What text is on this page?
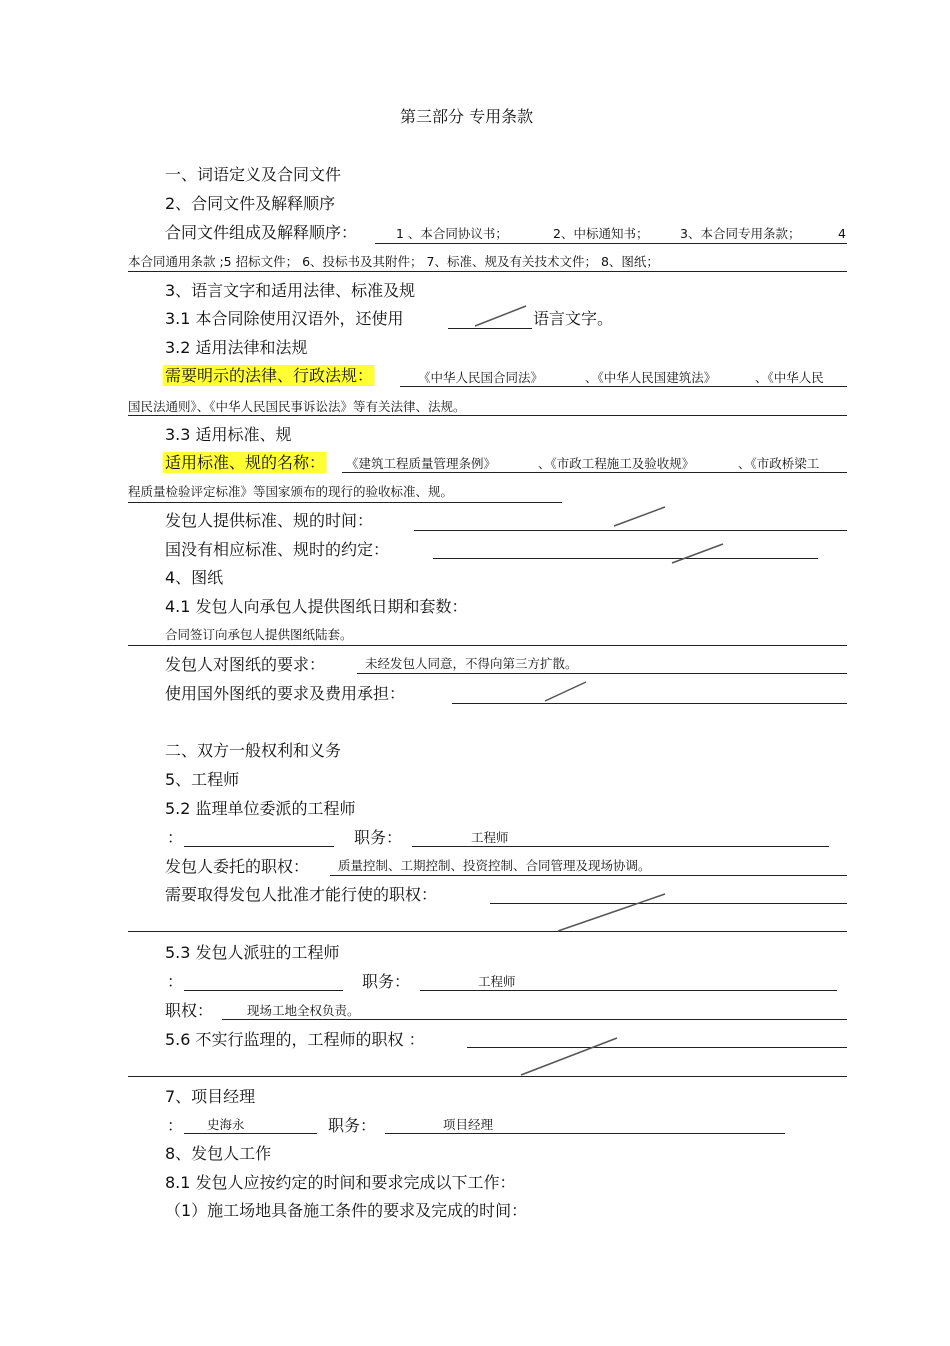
第三部分 专用条款
一、词语定义及合同文件
2、合同文件及解释顺序
合同文件组成及解释顺序：	1 、本合同协议书；	2、中标通知书；	3、本合同专用条款；	4
本合同通用条款 ;5 招标文件； 6、投标书及其附件； 7、标准、规及有关技术文件； 8、图纸；
3、语言文字和适用法律、标准及规
3.1 本合同除使用汉语外，还使用	语言文字。
3.2 适用法律和法规
需要明示的法律、行政法规：	《中华人民国合同法》	、《中华人民国建筑法》	、《中华人民
国民法通则》、《中华人民国民事诉讼法》等有关法律、法规。
3.3 适用标准、规
适用标准、规的名称： 《建筑工程质量管理条例》	、《市政工程施工及验收规》	、《市政桥梁工
程质量检验评定标准》等国家颁布的现行的验收标准、规。
发包人提供标准、规的时间：
国没有相应标准、规时的约定：
4、图纸
4.1 发包人向承包人提供图纸日期和套数：
合同签订向承包人提供图纸陆套。
发包人对图纸的要求：	未经发包人同意，不得向第三方扩散。
使用国外图纸的要求及费用承担：
二、双方一般权利和义务
5、工程师
5.2 监理单位委派的工程师
：	职务：	工程师
发包人委托的职权： 质量控制、工期控制、投资控制、合同管理及现场协调。
需要取得发包人批准才能行使的职权：
5.3 发包人派驻的工程师
：	职务：	工程师
职权：	现场工地全权负责。
5.6 不实行监理的，工程师的职权 ：
7、项目经理
： 史海永	职务：	项目经理
8、发包人工作
8.1 发包人应按约定的时间和要求完成以下工作：
（1）施工场地具备施工条件的要求及完成的时间：
